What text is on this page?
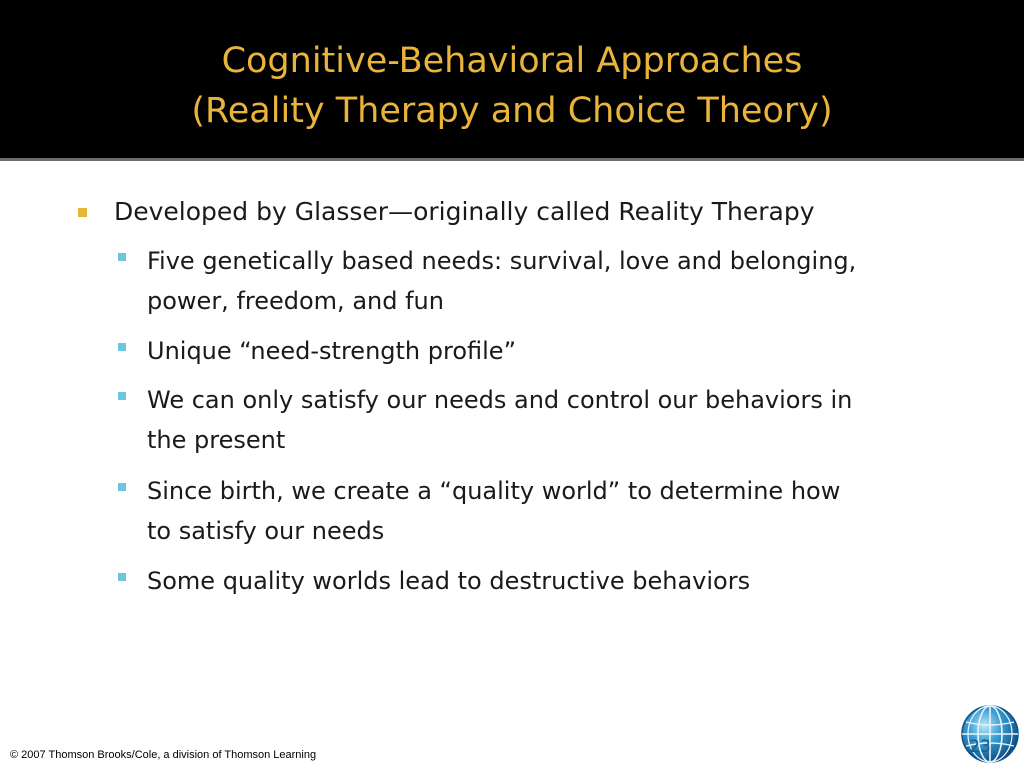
Cognitive-Behavioral Approaches
(Reality Therapy and Choice Theory)
Developed by Glasser—originally called Reality Therapy
Five genetically based needs: survival, love and belonging,
power, freedom, and fun
Unique “need-strength profile”
We can only satisfy our needs and control our behaviors in
the present
Since birth, we create a “quality world” to determine how
to satisfy our needs
Some quality worlds lead to destructive behaviors
© 2007 Thomson Brooks/Cole, a division of Thomson Learning	23
